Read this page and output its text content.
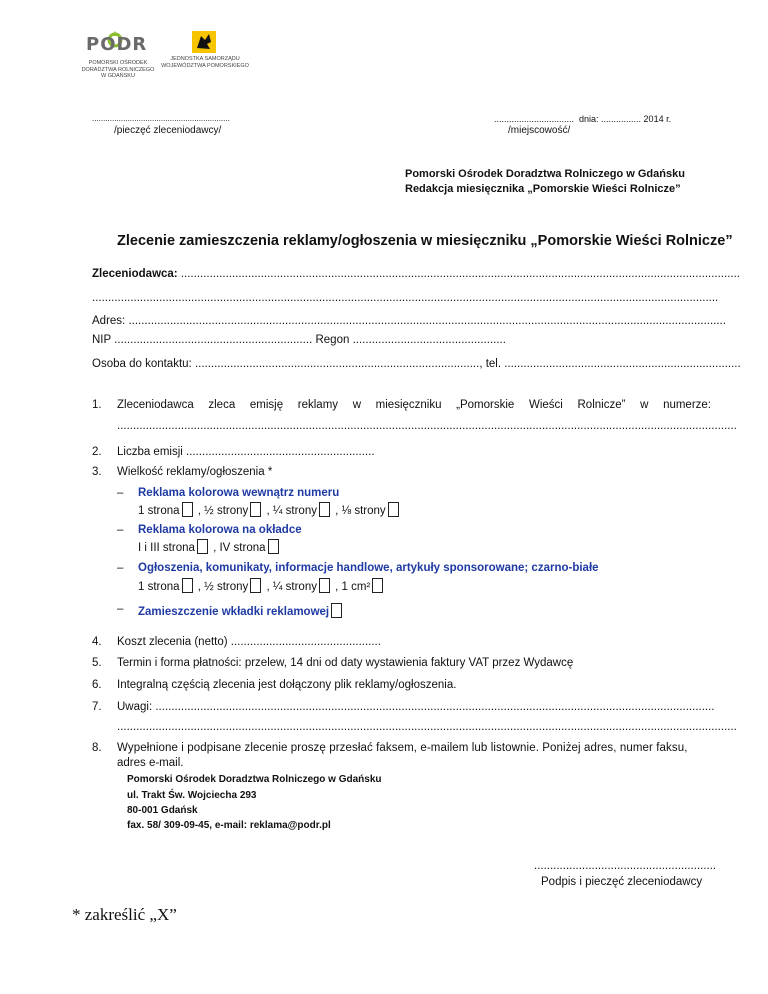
PODR
POMORSKI OŚRODEK
DORADZTWA ROLNICZEGO
W GDAŃSKU
JEDNOSTKA SAMORZĄDU
WOJEWÓDZTWA POMORSKIEGO
..............................................................
/pieczęć zleceniodawcy/
................................ dnia: ................ 2014 r.
/miejscowość/
Pomorski Ośrodek Doradztwa Rolniczego w Gdańsku
Redakcja miesięcznika „Pomorskie Wieści Rolnicze”
Zlecenie zamieszczenia reklamy/ogłoszenia w miesięczniku „Pomorskie Wieści Rolnicze”
Zleceniodawca: ...............................................................................................................................................................................
....................................................................................................................................................................................................
Adres: ...........................................................................................................................................................................................
NIP .............................................................. Regon ................................................
Osoba do kontaktu: ........................................................................................., tel. ..........................................................................
1. Zleceniodawca zleca emisję reklamy w miesięczniku „Pomorskie Wieści Rolnicze” w numerze:
..................................................................................................................................................................................................
2. Liczba emisji ...........................................................
3. Wielkość reklamy/ogłoszenia *
– Reklama kolorowa wewnątrz numeru
1 strona , ½ strony , ¼ strony , ⅛ strony
– Reklama kolorowa na okładce
I i III strona , IV strona
– Ogłoszenia, komunikaty, informacje handlowe, artykuły sponsorowane; czarno-białe
1 strona , ½ strony , ¼ strony , 1 cm²
– Zamieszczenie wkładki reklamowej
4. Koszt zlecenia (netto) ...............................................
5. Termin i forma płatności: przelew, 14 dni od daty wystawienia faktury VAT przez Wydawcę
6. Integralną częścią zlecenia jest dołączony plik reklamy/ogłoszenia.
7. Uwagi: ...............................................................................................................................................................................
..................................................................................................................................................................................................
8. Wypełnione i podpisane zlecenie proszę przesłać faksem, e-mailem lub listownie. Poniżej adres, numer faksu,
adres e-mail.
Pomorski Ośrodek Doradztwa Rolniczego w Gdańsku
ul. Trakt Św. Wojciecha 293
80-001 Gdańsk
fax. 58/ 309-09-45, e-mail: reklama@podr.pl
.........................................................
Podpis i pieczęć zleceniodawcy
* zakreślić „X”
